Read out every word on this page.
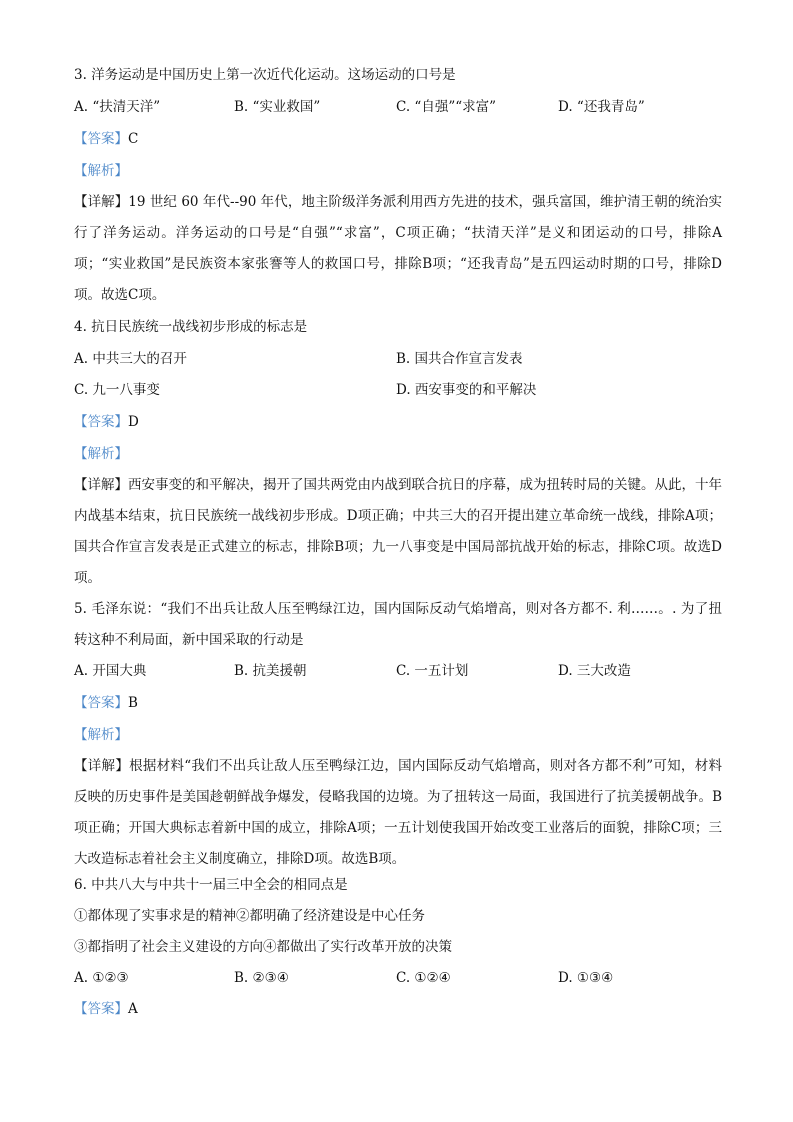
3. 洋务运动是中国历史上第一次近代化运动。这场运动的口号是
A. “扶清天洋”	B. “实业救国”	C. “自强”“求富”	D. “还我青岛”
【答案】C
【解析】
【详解】19 世纪 60 年代--90 年代，地主阶级洋务派利用西方先进的技术，强兵富国，维护清王朝的统治实行了洋务运动。洋务运动的口号是“自强”“求富”，C项正确；“扶清天洋”是义和团运动的口号，排除A项；“实业救国”是民族资本家张謇等人的救国口号，排除B项；“还我青岛”是五四运动时期的口号，排除D项。故选C项。
4. 抗日民族统一战线初步形成的标志是
A. 中共三大的召开	B. 国共合作宣言发表
C. 九一八事变	D. 西安事变的和平解决
【答案】D
【解析】
【详解】西安事变的和平解决，揭开了国共两党由内战到联合抗日的序幕，成为扭转时局的关键。从此，十年内战基本结束，抗日民族统一战线初步形成。D项正确；中共三大的召开提出建立革命统一战线，排除A项；国共合作宣言发表是正式建立的标志，排除B项；九一八事变是中国局部抗战开始的标志，排除C项。故选D项。
5. 毛泽东说：“我们不出兵让敌人压至鸭绿江边，国内国际反动气焰增高，则对各方都不. 利……。. 为了扭转这种不利局面，新中国采取的行动是
A. 开国大典	B. 抗美援朝	C. 一五计划	D. 三大改造
【答案】B
【解析】
【详解】根据材料“我们不出兵让敌人压至鸭绿江边，国内国际反动气焰增高，则对各方都不利”可知，材料反映的历史事件是美国趁朝鲜战争爆发，侵略我国的边境。为了扭转这一局面，我国进行了抗美援朝战争。B项正确；开国大典标志着新中国的成立，排除A项；一五计划使我国开始改变工业落后的面貌，排除C项；三大改造标志着社会主义制度确立，排除D项。故选B项。
6. 中共八大与中共十一届三中全会的相同点是
①都体现了实事求是的精神②都明确了经济建设是中心任务
③都指明了社会主义建设的方向④都做出了实行改革开放的决策
A. ①②③	B. ②③④	C. ①②④	D. ①③④
【答案】A
